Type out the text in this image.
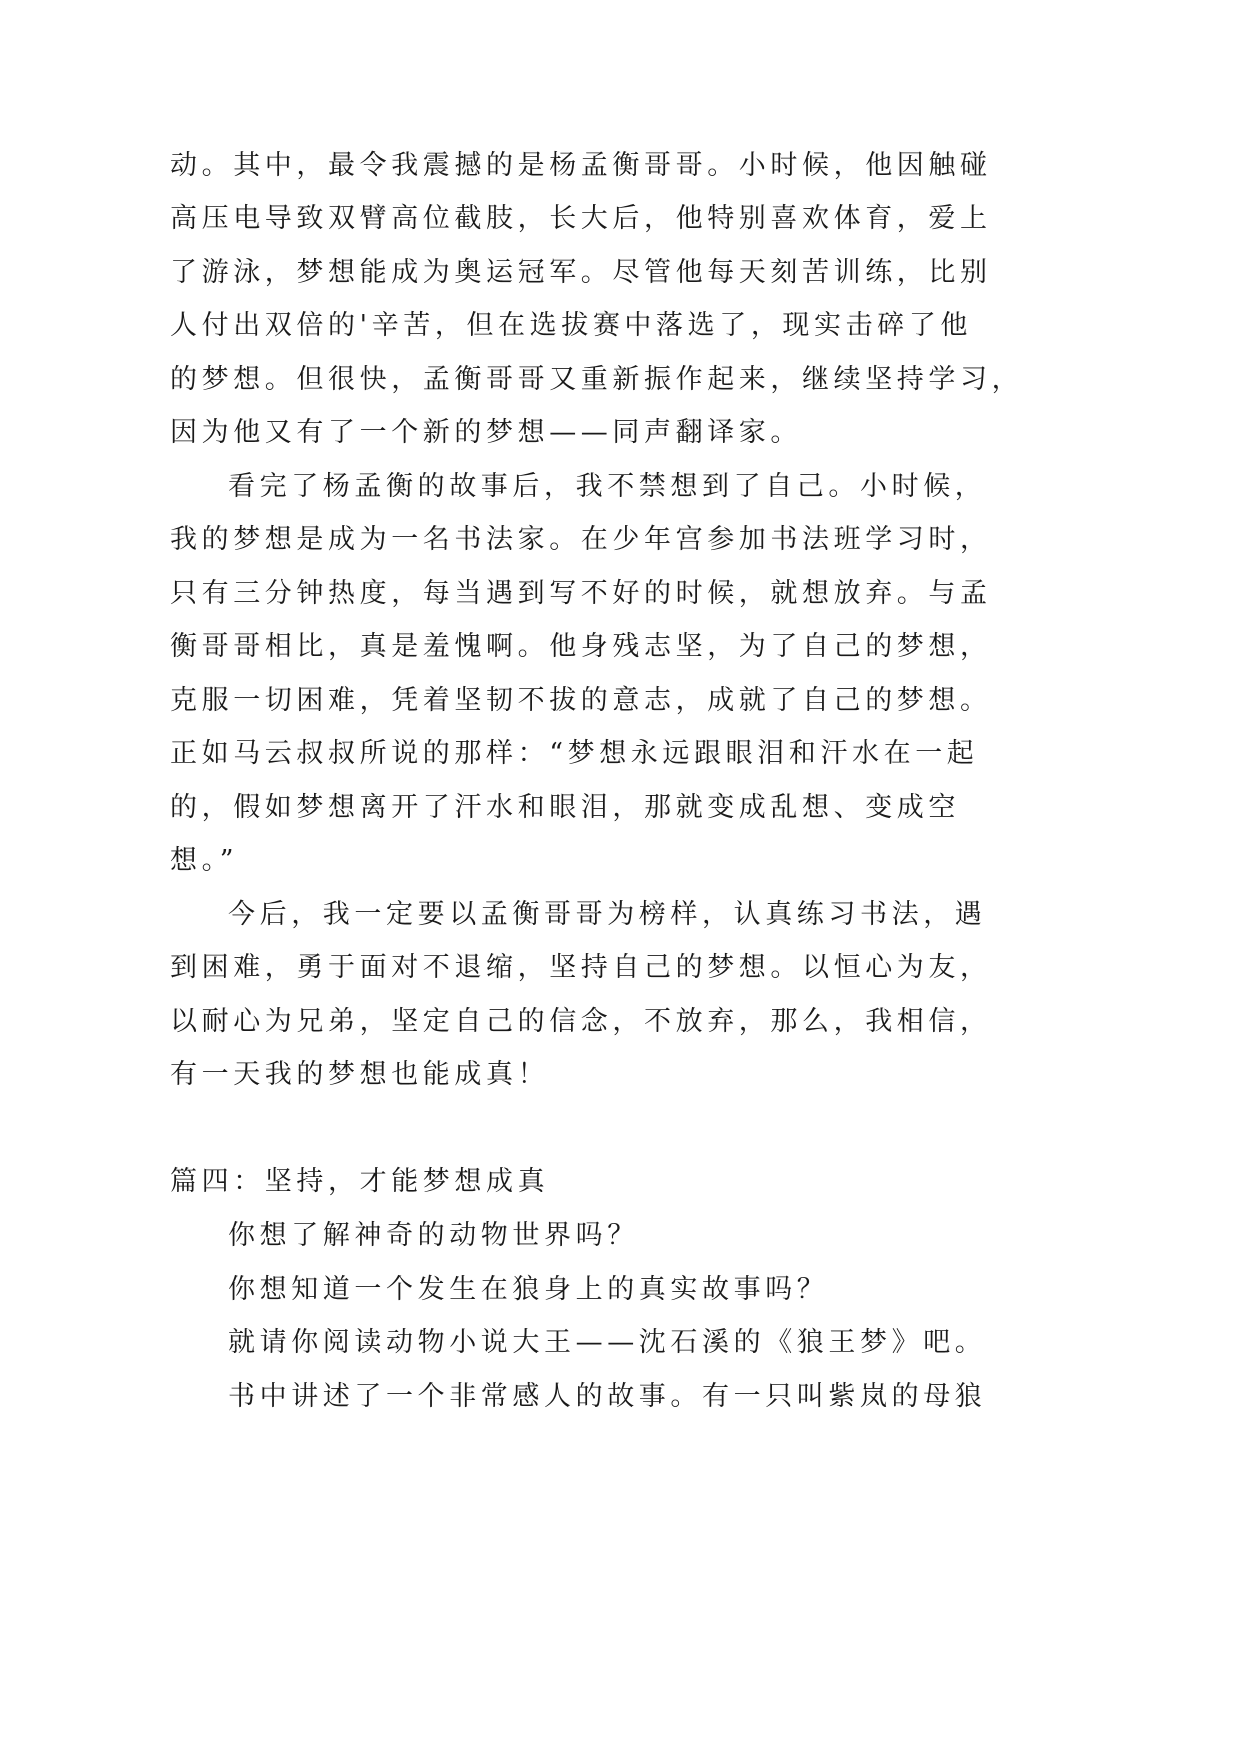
动。其中，最令我震撼的是杨孟衡哥哥。小时候，他因触碰
高压电导致双臂高位截肢，长大后，他特别喜欢体育，爱上
了游泳，梦想能成为奥运冠军。尽管他每天刻苦训练，比别
人付出双倍的'辛苦，但在选拔赛中落选了，现实击碎了他
的梦想。但很快，孟衡哥哥又重新振作起来，继续坚持学习，
因为他又有了一个新的梦想——同声翻译家。
看完了杨孟衡的故事后，我不禁想到了自己。小时候，
我的梦想是成为一名书法家。在少年宫参加书法班学习时，
只有三分钟热度，每当遇到写不好的时候，就想放弃。与孟
衡哥哥相比，真是羞愧啊。他身残志坚，为了自己的梦想，
克服一切困难，凭着坚韧不拔的意志，成就了自己的梦想。
正如马云叔叔所说的那样：“梦想永远跟眼泪和汗水在一起
的，假如梦想离开了汗水和眼泪，那就变成乱想、变成空
想。”
今后，我一定要以孟衡哥哥为榜样，认真练习书法，遇
到困难，勇于面对不退缩，坚持自己的梦想。以恒心为友，
以耐心为兄弟，坚定自己的信念，不放弃，那么，我相信，
有一天我的梦想也能成真！
篇四：坚持，才能梦想成真
你想了解神奇的动物世界吗？
你想知道一个发生在狼身上的真实故事吗？
就请你阅读动物小说大王——沈石溪的《狼王梦》吧。
书中讲述了一个非常感人的故事。有一只叫紫岚的母狼
